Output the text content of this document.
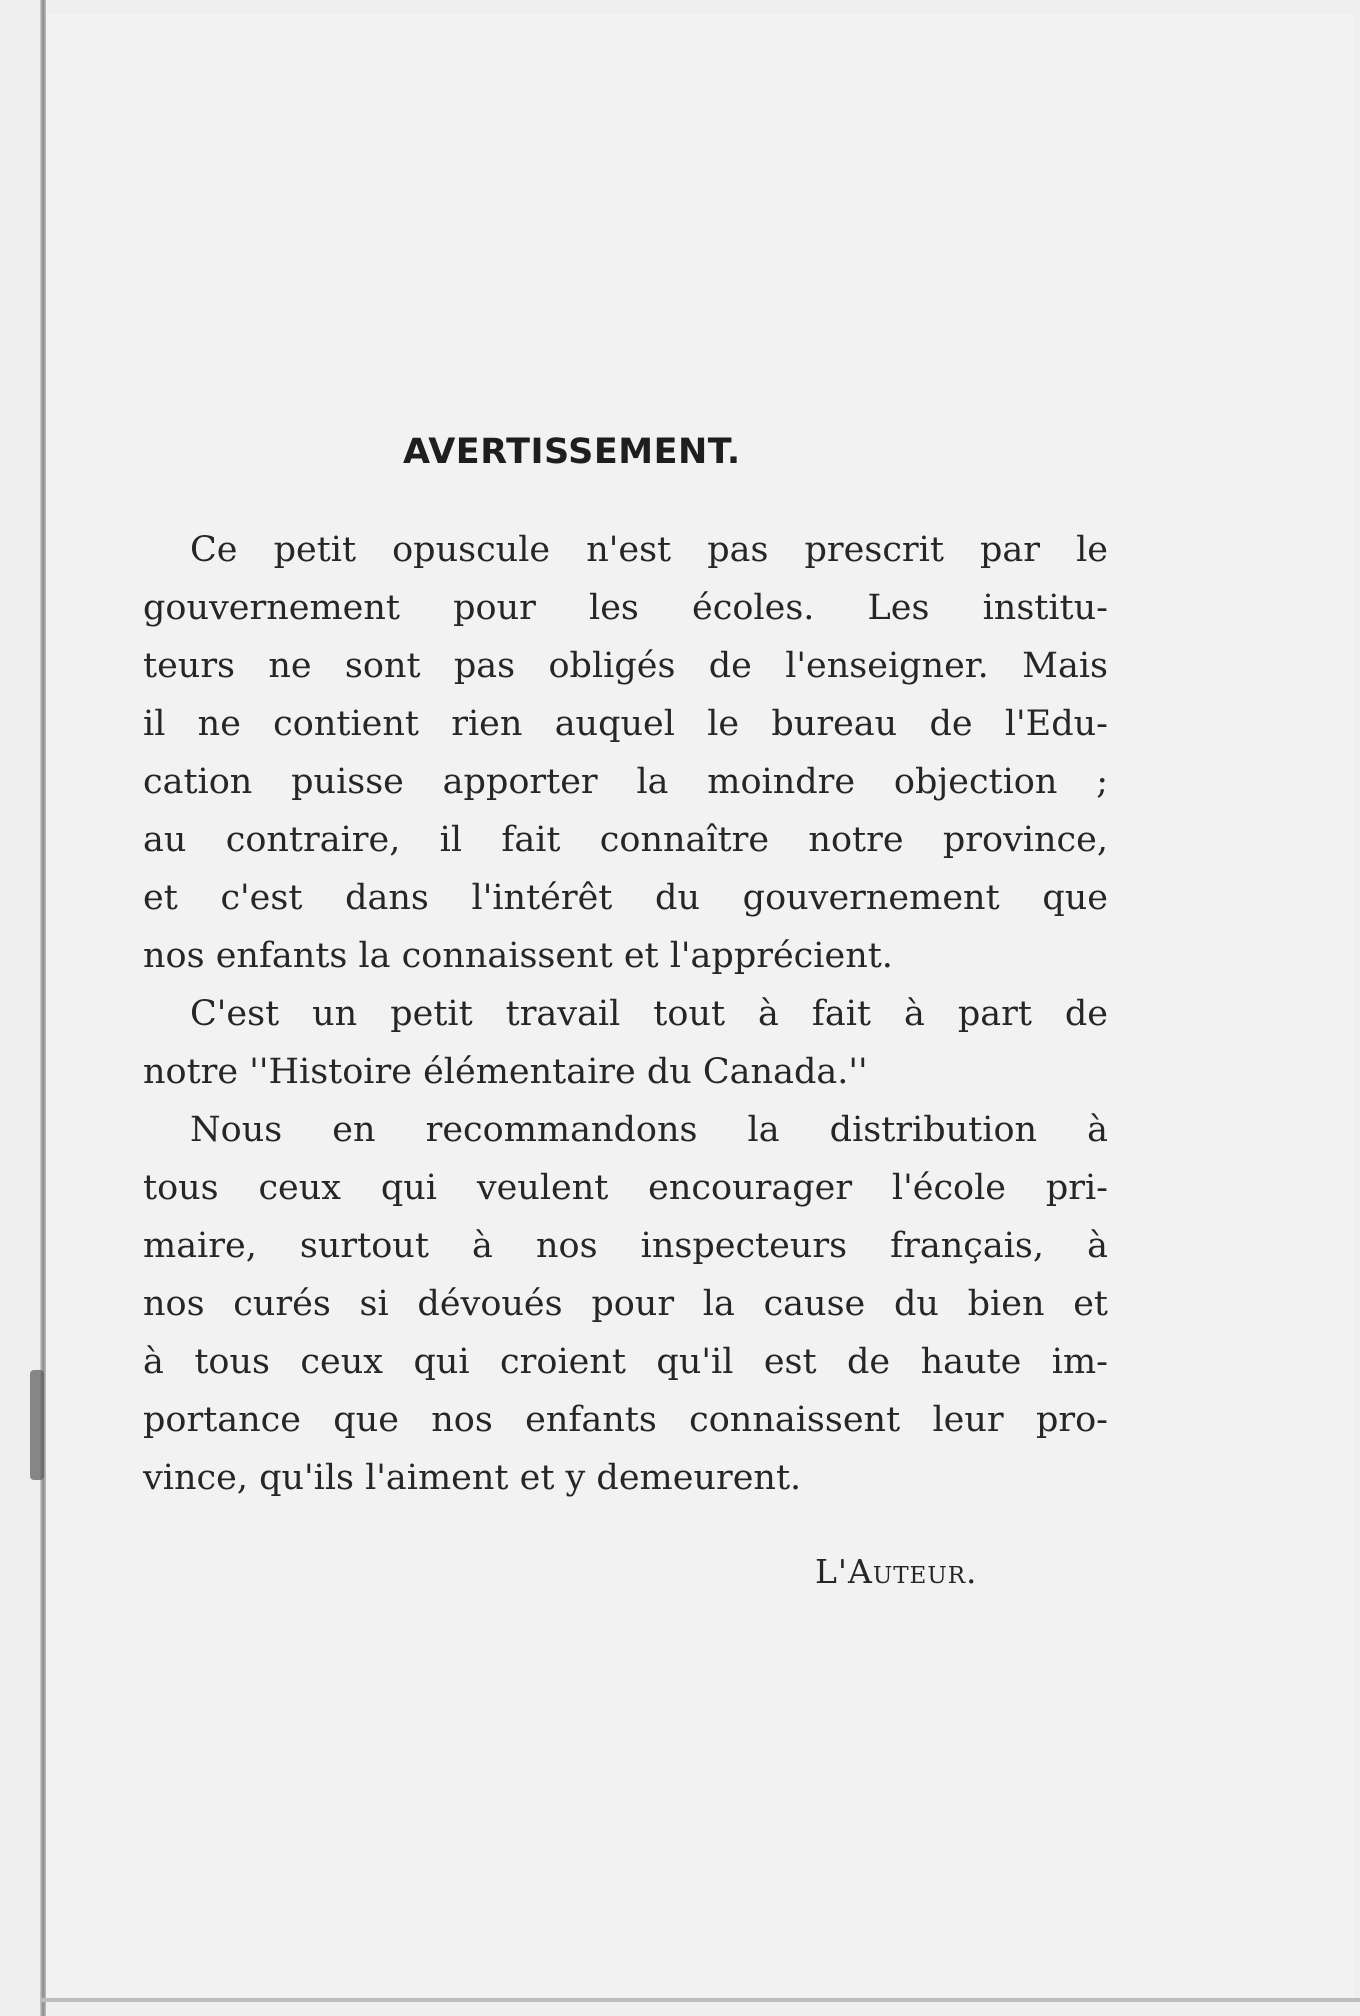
AVERTISSEMENT.

Ce petit opuscule n'est pas prescrit par le

gouvernement pour les écoles. Les institu-

teurs ne sont pas obligés de l'enseigner. Mais

il ne contient rien auquel le bureau de l'Edu-

cation puisse apporter la moindre objection ;

au contraire, il fait connaître notre province,

et c'est dans l'intérêt du gouvernement que

nos enfants la connaissent et l'apprécient.

C'est un petit travail tout à fait à part de

notre ''Histoire élémentaire du Canada.''

Nous en recommandons la distribution à

tous ceux qui veulent encourager l'école pri-

maire, surtout à nos inspecteurs français, à

nos curés si dévoués pour la cause du bien et

à tous ceux qui croient qu'il est de haute im-

portance que nos enfants connaissent leur pro-

vince, qu'ils l'aiment et y demeurent.

L'Auteur.
